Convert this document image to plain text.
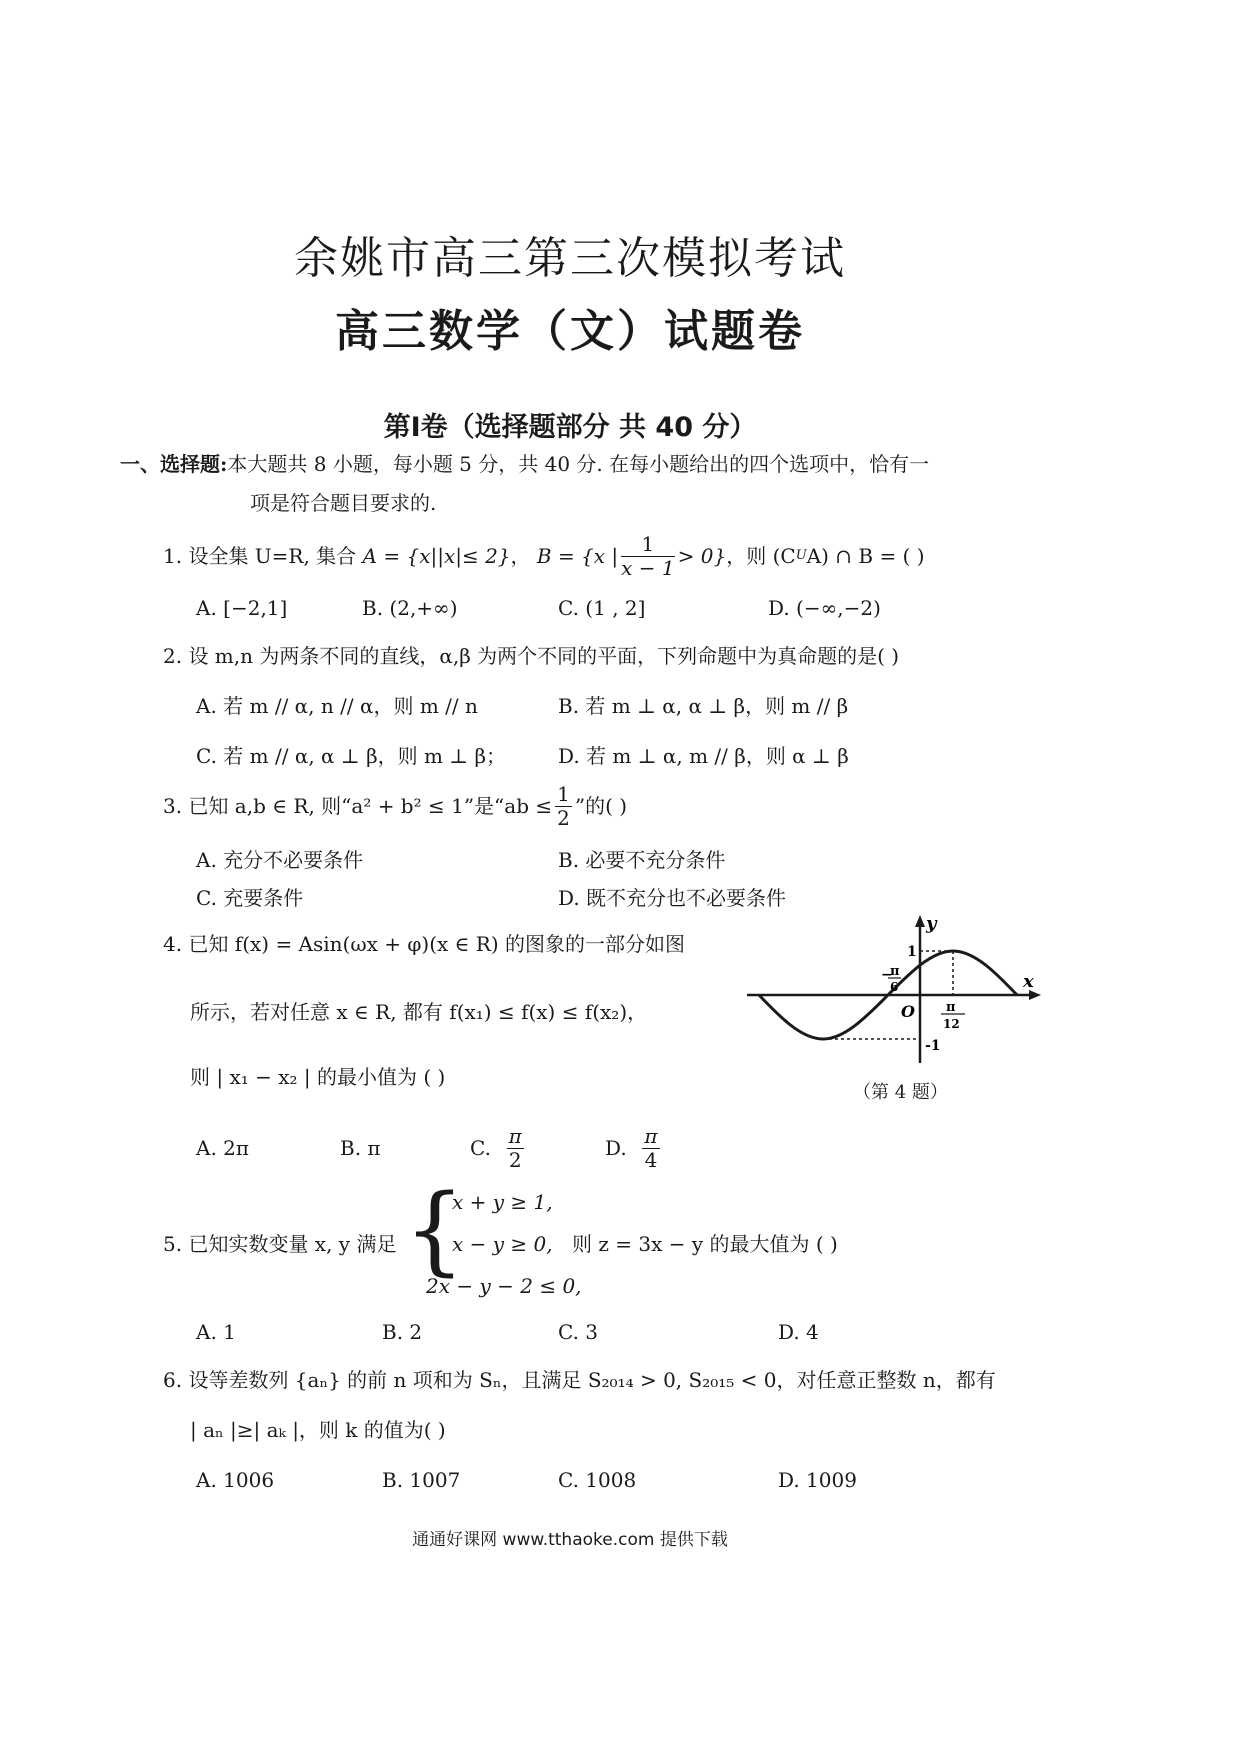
余姚市高三第三次模拟考试
高三数学（文）试题卷
第Ⅰ卷（选择题部分 共 40 分）
一、选择题:本大题共 8 小题，每小题 5 分，共 40 分. 在每小题给出的四个选项中，恰有一
项是符合题目要求的.
1. 设全集 U=R, 集合
A = {x||x|≤ 2} ，
B = {x | $\frac{1}{x - 1} > 0$} ，则 (C U A) ∩ B = ( )
A. [−2,1]	B. (2,+∞)	C. (1 , 2]	D. (−∞,−2)
2. 设 m,n 为两条不同的直线，α,β 为两个不同的平面，下列命题中为真命题的是( )
A. 若 m // α, n // α，则 m // n	B. 若 m ⊥ α, α ⊥ β，则 m // β
C. 若 m // α, α ⊥ β，则 m ⊥ β；	D. 若 m ⊥ α, m // β，则 α ⊥ β
3. 已知 a,b ∈ R, 则“a² + b² ≤ 1”是“ab ≤ $\frac{1}{2}$ ”的( )
A. 充分不必要条件	B. 必要不充分条件
C. 充要条件	D. 既不充分也不必要条件
4. 已知 f(x) = Asin(ωx + φ)(x ∈ R) 的图象的一部分如图
所示，若对任意 x ∈ R, 都有 f(x₁) ≤ f(x) ≤ f(x₂)，
则 | x₁ − x₂ | 的最小值为 ( )
y
x
O
1
-1
−
π
6
π
12
（第 4 题）
A. 2π	B. π	C.
$\frac{\pi}{2}$	D.
$\frac{\pi}{4}$
5. 已知实数变量 x, y 满足 {
x + y ≥ 1,
x − y ≥ 0,
2x − y − 2 ≤ 0,
则 z = 3x − y 的最大值为 ( )
A. 1	B. 2	C. 3	D. 4
6. 设等差数列 {aₙ} 的前 n 项和为 Sₙ，且满足 S₂₀₁₄ > 0, S₂₀₁₅ < 0，对任意正整数 n，都有
| aₙ |≥| aₖ |，则 k 的值为( )
A. 1006	B. 1007	C. 1008	D. 1009
通通好课网 www.tthaoke.com 提供下载
